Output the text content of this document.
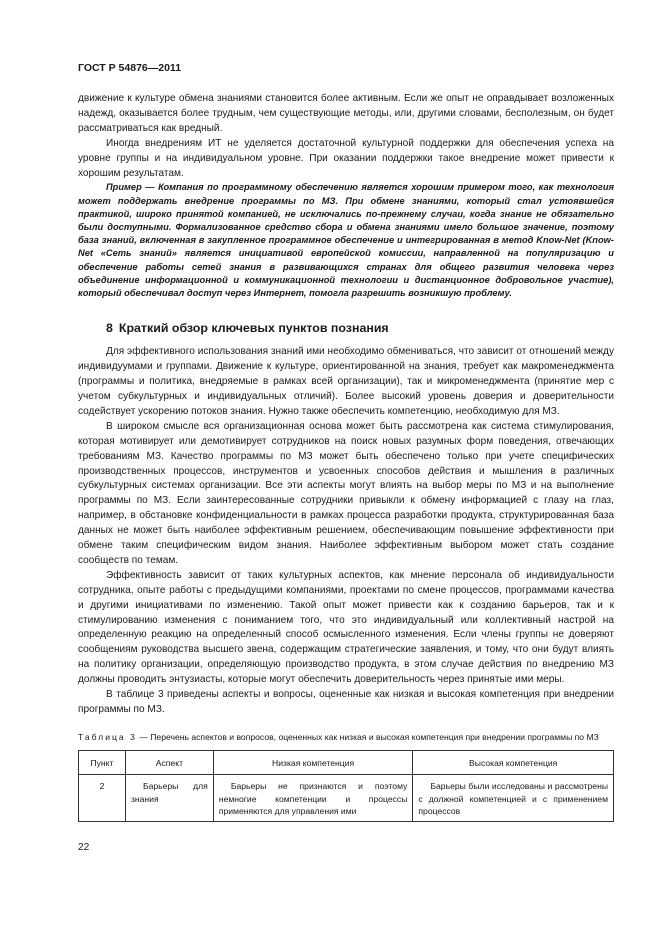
ГОСТ Р 54876—2011

движение к культуре обмена знаниями становится более активным. Если же опыт не оправдывает возложенных надежд, оказывается более трудным, чем существующие методы, или, другими словами, бесполезным, он будет рассматриваться как вредный.

Иногда внедрениям ИТ не уделяется достаточной культурной поддержки для обеспечения успеха на уровне группы и на индивидуальном уровне. При оказании поддержки такое внедрение может привести к хорошим результатам.

Пример — Компания по программному обеспечению является хорошим примером того, как технология может поддержать внедрение программы по МЗ. При обмене знаниями, который стал устоявшейся практикой, широко принятой компанией, не исключались по-прежнему случаи, когда знание не обязательно были доступными. Формализованное средство сбора и обмена знаниями имело большое значение, поэтому база знаний, включенная в закупленное программное обеспечение и интегрированная в метод Know-Net (Know-Net «Сеть знаний» является инициативой европейской комиссии, направленной на популяризацию и обеспечение работы сетей знания в развивающихся странах для общего развития человека через объединение информационной и коммуникационной технологии и дистанционное добровольное участие), который обеспечивал доступ через Интернет, помогла разрешить возникшую проблему.
8 Краткий обзор ключевых пунктов познания

Для эффективного использования знаний ими необходимо обмениваться, что зависит от отношений между индивидуумами и группами. Движение к культуре, ориентированной на знания, требует как макроменеджмента (программы и политика, внедряемые в рамках всей организации), так и микроменеджмента (принятие мер с учетом субкультурных и индивидуальных отличий). Более высокий уровень доверия и доверительности содействует ускорению потоков знания. Нужно также обеспечить компетенцию, необходимую для МЗ.

В широком смысле вся организационная основа может быть рассмотрена как система стимулирования, которая мотивирует или демотивирует сотрудников на поиск новых разумных форм поведения, отвечающих требованиям МЗ. Качество программы по МЗ может быть обеспечено только при учете специфических производственных процессов, инструментов и усвоенных способов действия и мышления в различных субкультурных системах организации. Все эти аспекты могут влиять на выбор меры по МЗ и на выполнение программы по МЗ. Если заинтересованные сотрудники привыкли к обмену информацией с глазу на глаз, например, в обстановке конфиденциальности в рамках процесса разработки продукта, структурированная база данных не может быть наиболее эффективным решением, обеспечивающим повышение эффективности при обмене таким специфическим видом знания. Наиболее эффективным выбором может стать создание сообществ по темам.

Эффективность зависит от таких культурных аспектов, как мнение персонала об индивидуальности сотрудника, опыте работы с предыдущими компаниями, проектами по смене процессов, программами качества и другими инициативами по изменению. Такой опыт может привести как к созданию барьеров, так и к стимулированию изменения с пониманием того, что это индивидуальный или коллективный настрой на определенную реакцию на определенный способ осмысленного изменения. Если члены группы не доверяют сообщениям руководства высшего звена, содержащим стратегические заявления, и тому, что они будут влиять на политику организации, определяющую производство продукта, в этом случае действия по внедрению МЗ должны проводить энтузиасты, которые могут обеспечить доверительность через принятые ими меры.

В таблице 3 приведены аспекты и вопросы, оцененные как низкая и высокая компетенция при внедрении программы по МЗ.

Таблица 3 — Перечень аспектов и вопросов, оцененных как низкая и высокая компетенция при внедрении программы по МЗ
Пункт	Аспект	Низкая компетенция	Высокая компетенция
2	Барьеры для знания	Барьеры не признаются и поэтому немногие компетенции и процессы применяются для управления ими	Барьеры были исследованы и рассмотрены с должной компетенцией и с применением процессов
22
